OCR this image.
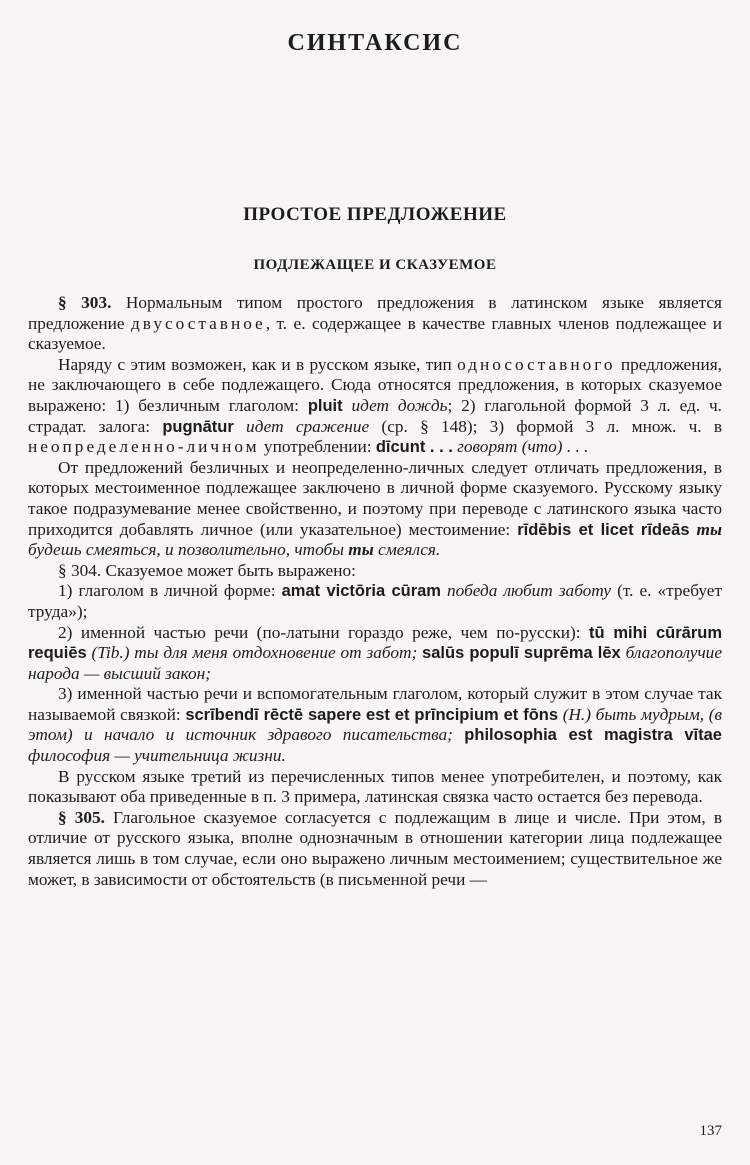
СИНТАКСИС
ПРОСТОЕ ПРЕДЛОЖЕНИЕ
ПОДЛЕЖАЩЕЕ И СКАЗУЕМОЕ

§ 303. Нормальным типом простого предложения в латинском языке является предложение двусоставное, т. е. содержащее в качестве главных членов подлежащее и сказуемое.

Наряду с этим возможен, как и в русском языке, тип односоставного предложения, не заключающего в себе подлежащего. Сюда относятся предложения, в которых сказуемое выражено: 1) безличным глаголом: pluit идет дождь; 2) глагольной формой 3 л. ед. ч. страдат. залога: pugnātur идет сражение (ср. § 148); 3) формой 3 л. множ. ч. в неопределенно-личном употреблении: dīcunt . . . говорят (что) . . .

От предложений безличных и неопределенно-личных следует отличать предложения, в которых местоименное подлежащее заключено в личной форме сказуемого. Русскому языку такое подразумевание менее свойственно, и поэтому при переводе с латинского языка часто приходится добавлять личное (или указательное) местоимение: rīdēbis et licet rīdeās ты будешь смеяться, и позволительно, чтобы ты смеялся.

§ 304. Сказуемое может быть выражено:

1) глаголом в личной форме: amat victōria cūram победа любит заботу (т. е. «требует труда»);

2) именной частью речи (по-латыни гораздо реже, чем по-русски): tū mihi cūrārum requiēs (Tib.) ты для меня отдохновение от забот; salūs populī suprēma lēx благополучие народа — высший закон;

3) именной частью речи и вспомогательным глаголом, который служит в этом случае так называемой связкой: scrībendī rēctē sapere est et prīncipium et fōns (H.) быть мудрым, (в этом) и начало и источник здравого писательства; philosophia est magistra vītae философия — учительница жизни.

В русском языке третий из перечисленных типов менее употребителен, и поэтому, как показывают оба приведенные в п. 3 примера, латинская связка часто остается без перевода.

§ 305. Глагольное сказуемое согласуется с подлежащим в лице и числе. При этом, в отличие от русского языка, вполне однозначным в отношении категории лица подлежащее является лишь в том случае, если оно выражено личным местоимением; существительное же может, в зависимости от обстоятельств (в письменной речи —

137
